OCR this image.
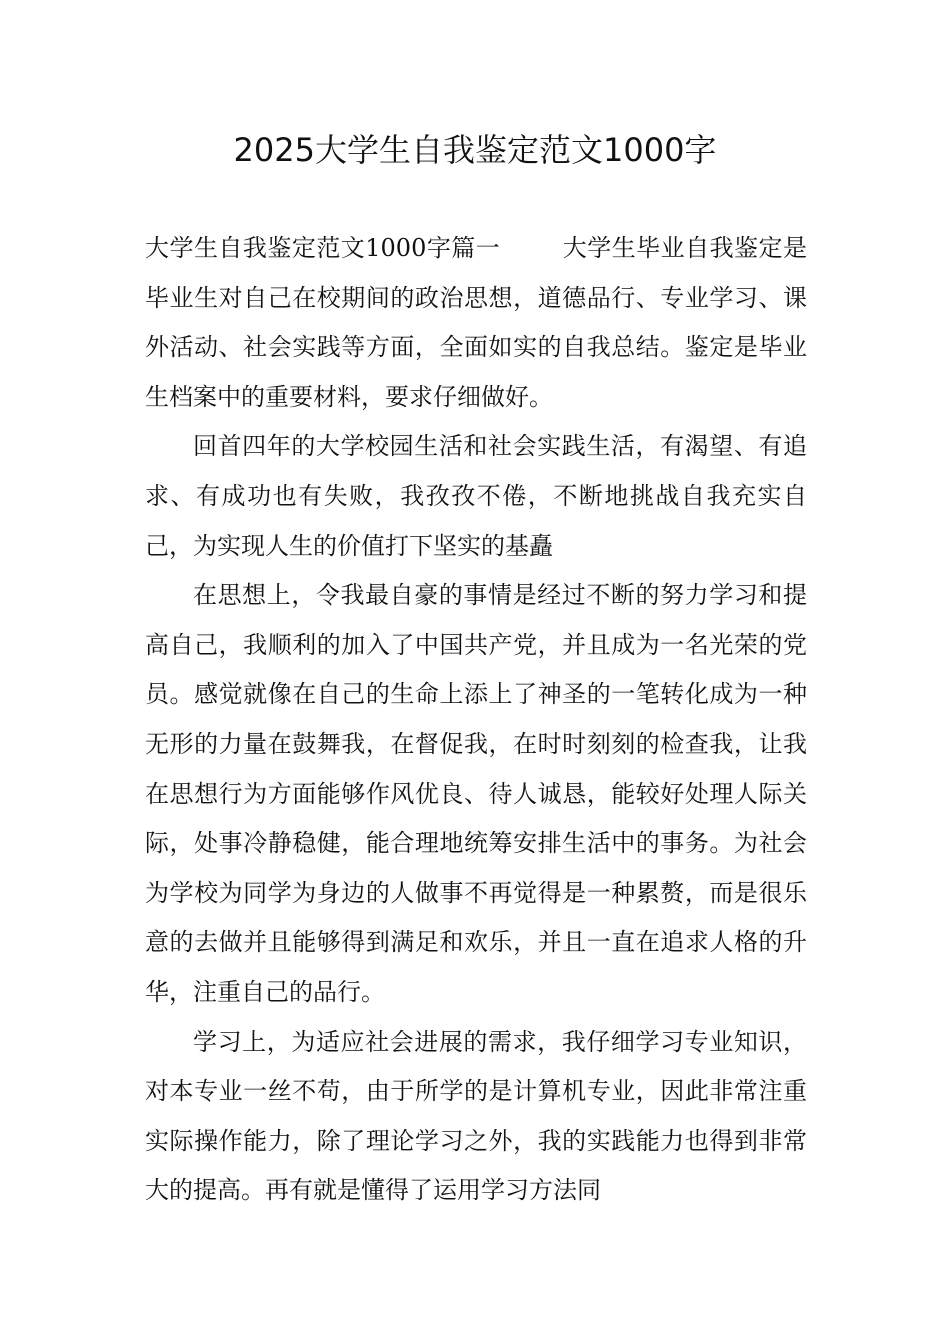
2025大学生自我鉴定范文1000字

大学生自我鉴定范文1000字篇一	大学生毕业自我鉴定是毕业生对自己在校期间的政治思想，道德品行、专业学习、课外活动、社会实践等方面，全面如实的自我总结。鉴定是毕业生档案中的重要材料，要求仔细做好。

回首四年的大学校园生活和社会实践生活，有渴望、有追求、有成功也有失败，我孜孜不倦，不断地挑战自我充实自己，为实现人生的价值打下坚实的基矗

在思想上，令我最自豪的事情是经过不断的努力学习和提高自己，我顺利的加入了中国共产党，并且成为一名光荣的党员。感觉就像在自己的生命上添上了神圣的一笔转化成为一种无形的力量在鼓舞我，在督促我，在时时刻刻的检查我，让我在思想行为方面能够作风优良、待人诚恳，能较好处理人际关际，处事冷静稳健，能合理地统筹安排生活中的事务。为社会为学校为同学为身边的人做事不再觉得是一种累赘，而是很乐意的去做并且能够得到满足和欢乐，并且一直在追求人格的升华，注重自己的品行。

学习上，为适应社会进展的需求，我仔细学习专业知识，对本专业一丝不苟，由于所学的是计算机专业，因此非常注重实际操作能力，除了理论学习之外，我的实践能力也得到非常大的提高。再有就是懂得了运用学习方法同
